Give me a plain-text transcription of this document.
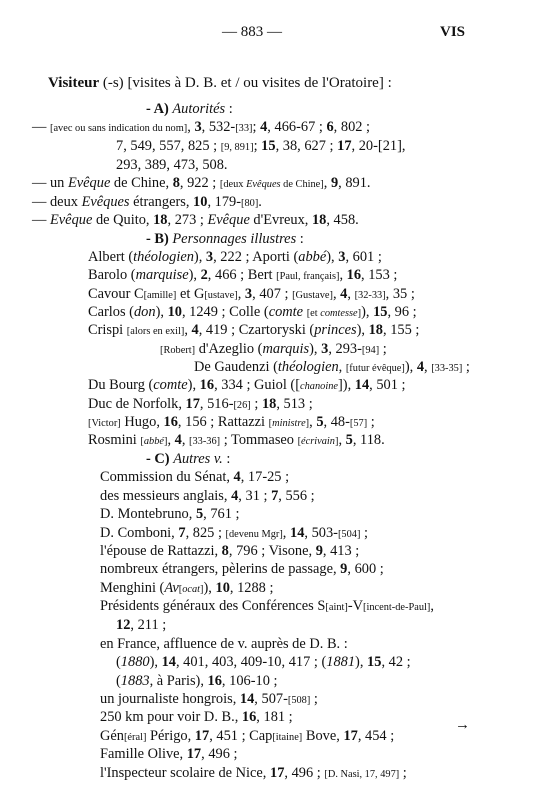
— 883 —	VIS
Visiteur (-s) [visites à D. B. et / ou visites de l'Oratoire] :
- A) Autorités :
— [avec ou sans indication du nom], 3, 532-[33]; 4, 466-67 ; 6, 802 ;
7, 549, 557, 825 ; [9, 891]; 15, 38, 627 ; 17, 20-[21],
293, 389, 473, 508.
— un Evêque de Chine, 8, 922 ; [deux Evêques de Chine], 9, 891.
— deux Evêques étrangers, 10, 179-[80].
— Evêque de Quito, 18, 273 ; Evêque d'Evreux, 18, 458.
- B) Personnages illustres :
Albert (théologien), 3, 222 ; Aporti (abbé), 3, 601 ;
Barolo (marquise), 2, 466 ; Bert [Paul, français], 16, 153 ;
Cavour C[amille] et G[ustave], 3, 407 ; [Gustave], 4, [32-33], 35 ;
Carlos (don), 10, 1249 ; Colle (comte [et comtesse]), 15, 96 ;
Crispi [alors en exil], 4, 419 ; Czartoryski (princes), 18, 155 ;
[Robert] d'Azeglio (marquis), 3, 293-[94] ;
De Gaudenzi (théologien, [futur évêque]), 4, [33-35] ;
Du Bourg (comte), 16, 334 ; Guiol ([chanoine]), 14, 501 ;
Duc de Norfolk, 17, 516-[26] ; 18, 513 ;
[Victor] Hugo, 16, 156 ; Rattazzi [ministre], 5, 48-[57] ;
Rosmini [abbé], 4, [33-36] ; Tommaseo [écrivain], 5, 118.
- C) Autres v. :
Commission du Sénat, 4, 17-25 ;
des messieurs anglais, 4, 31 ; 7, 556 ;
D. Montebruno, 5, 761 ;
D. Comboni, 7, 825 ; [devenu Mgr], 14, 503-[504] ;
l'épouse de Rattazzi, 8, 796 ; Visone, 9, 413 ;
nombreux étrangers, pèlerins de passage, 9, 600 ;
Menghini (Av[ocat]), 10, 1288 ;
Présidents généraux des Conférences S[aint]-V[incent-de-Paul],
12, 211 ;
en France, affluence de v. auprès de D. B. :
(1880), 14, 401, 403, 409-10, 417 ; (1881), 15, 42 ;
(1883, à Paris), 16, 106-10 ;
un journaliste hongrois, 14, 507-[508] ;
250 km pour voir D. B., 16, 181 ;
Gén[éral] Périgo, 17, 451 ; Cap[itaine] Bove, 17, 454 ;
Famille Olive, 17, 496 ;
l'Inspecteur scolaire de Nice, 17, 496 ; [D. Nasi, 17, 497] ;
→
